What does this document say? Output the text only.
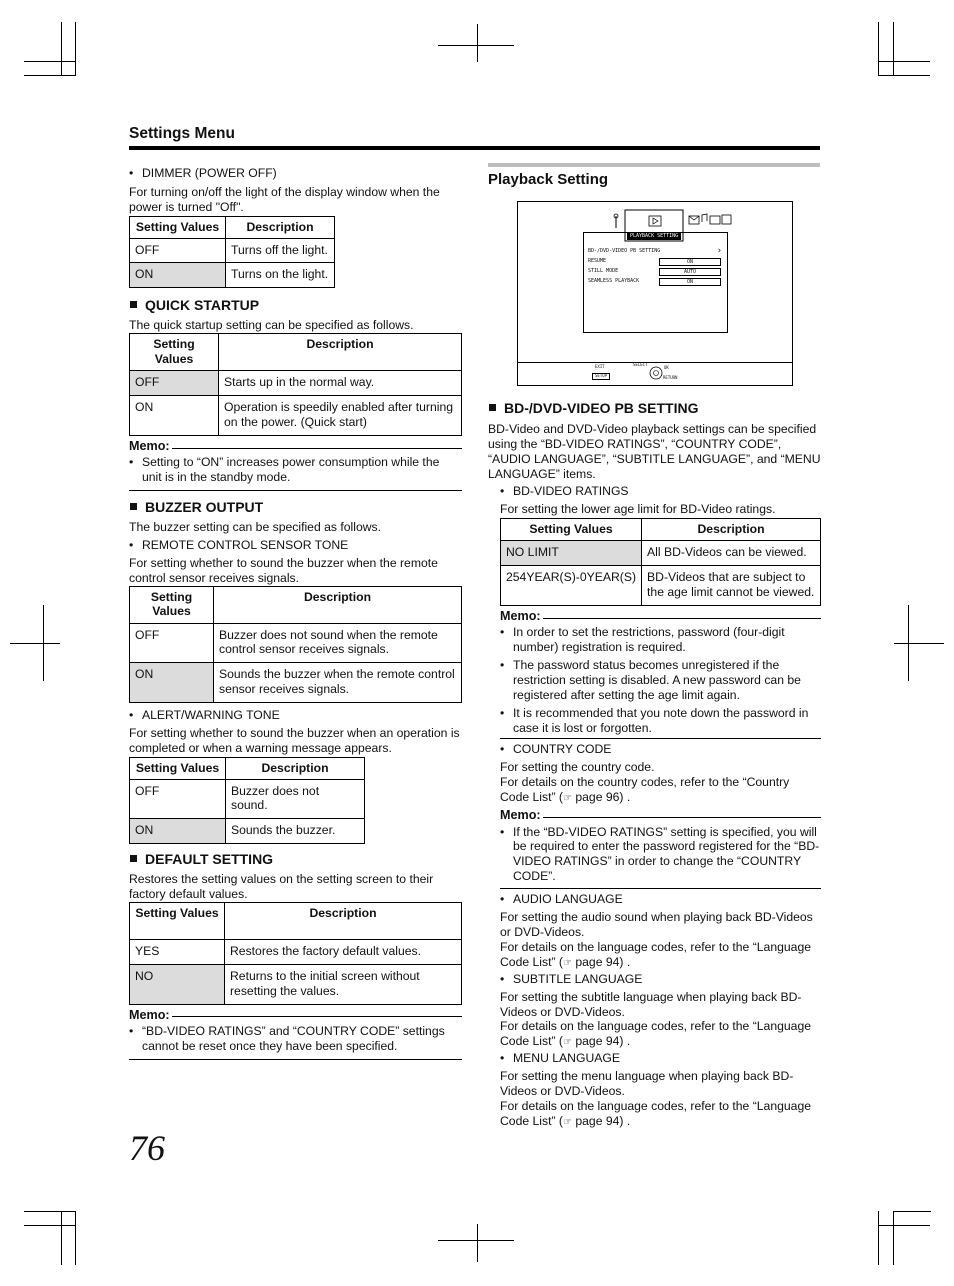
Settings Menu
• DIMMER (POWER OFF)

For turning on/off the light of the display window when the power is turned "Off".

Setting Values	Description
OFF	Turns off the light.
ON	Turns on the light.
QUICK STARTUP

The quick startup setting can be specified as follows.

Setting Values	Description
OFF	Starts up in the normal way.
ON	Operation is speedily enabled after turning on the power. (Quick start)
Memo:
• Setting to “ON” increases power consumption while the unit is in the standby mode.
BUZZER OUTPUT

The buzzer setting can be specified as follows.

• REMOTE CONTROL SENSOR TONE

For setting whether to sound the buzzer when the remote control sensor receives signals.

Setting Values	Description
OFF	Buzzer does not sound when the remote control sensor receives signals.
ON	Sounds the buzzer when the remote control sensor receives signals.
• ALERT/WARNING TONE

For setting whether to sound the buzzer when an operation is completed or when a warning message appears.

Setting Values	Description
OFF	Buzzer does not sound.
ON	Sounds the buzzer.
DEFAULT SETTING

Restores the setting values on the setting screen to their factory default values.

Setting Values	Description
YES	Restores the factory default values.
NO	Returns to the initial screen without resetting the values.
Memo:
• “BD-VIDEO RATINGS” and “COUNTRY CODE” settings cannot be reset once they have been specified.
Playback Setting
PLAYBACK SETTING
BD-/DVD-VIDEO PB SETTING	›
RESUME	ON
STILL MODE	AUTO
SEAMLESS PLAYBACK	ON
EXIT
SETUP
SELECT
OK
RETURN
BD-/DVD-VIDEO PB SETTING

BD-Video and DVD-Video playback settings can be specified using the “BD-VIDEO RATINGS”, “COUNTRY CODE”, “AUDIO LANGUAGE”, “SUBTITLE LANGUAGE”, and “MENU LANGUAGE” items.

• BD-VIDEO RATINGS

For setting the lower age limit for BD-Video ratings.

Setting Values	Description
NO LIMIT	All BD-Videos can be viewed.
254YEAR(S)-0YEAR(S)	BD-Videos that are subject to the age limit cannot be viewed.
Memo:
• In order to set the restrictions, password (four-digit number) registration is required.
• The password status becomes unregistered if the restriction setting is disabled. A new password can be registered after setting the age limit again.
• It is recommended that you note down the password in case it is lost or forgotten.
• COUNTRY CODE

For setting the country code.

For details on the country codes, refer to the “Country Code List” (☞ page 96) .

Memo:
• If the “BD-VIDEO RATINGS” setting is specified, you will be required to enter the password registered for the “BD-VIDEO RATINGS” in order to change the “COUNTRY CODE”.
• AUDIO LANGUAGE

For setting the audio sound when playing back BD-Videos or DVD-Videos.

For details on the language codes, refer to the “Language Code List” (☞ page 94) .

• SUBTITLE LANGUAGE

For setting the subtitle language when playing back BD-Videos or DVD-Videos.

For details on the language codes, refer to the “Language Code List” (☞ page 94) .

• MENU LANGUAGE

For setting the menu language when playing back BD-Videos or DVD-Videos.

For details on the language codes, refer to the “Language Code List” (☞ page 94) .

76
